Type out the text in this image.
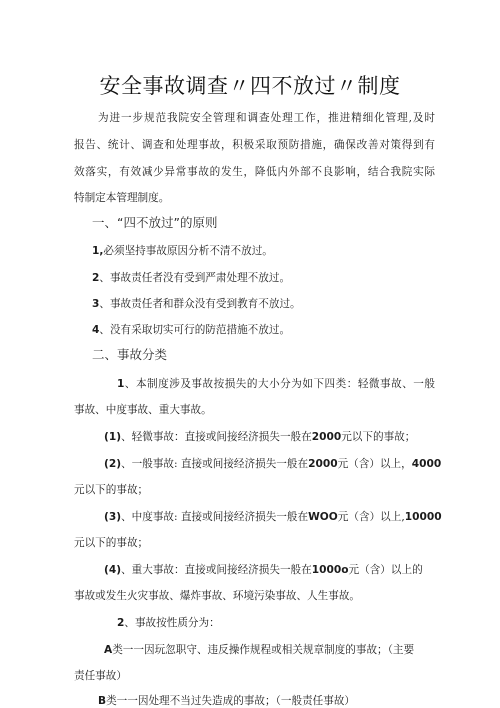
安全事故调查〃四不放过〃制度
为进一步规范我院安全管理和调查处理工作，推进精细化管理,及时
报告、统计、调查和处理事故，积极采取预防措施，确保改善对策得到有
效落实，有效减少异常事故的发生，降低内外部不良影响，结合我院实际
特制定本管理制度。
一、“四不放过”的原则
1,必须坚持事故原因分析不清不放过。
2、事故责任者没有受到严肃处理不放过。
3、事故责任者和群众没有受到教育不放过。
4、没有采取切实可行的防范措施不放过。
二、事故分类
1、本制度涉及事故按损失的大小分为如下四类：轻微事故、一般
事故、中度事故、重大事故。
(1)、轻微事故：直接或间接经济损失一般在2000元以下的事故；
(2)、一般事故: 直接或间接经济损失一般在2000元（含）以上，4000
元以下的事故；
(3)、中度事故: 直接或间接经济损失一般在WOO元（含）以上,10000
元以下的事故；
(4)、重大事故：直接或间接经济损失一般在1000o元（含）以上的
事故或发生火灾事故、爆炸事故、环境污染事故、人生事故。
2、事故按性质分为：
A类一一因玩忽职守、违反操作规程或相关规章制度的事故；（主要
责任事故）
B类一一因处理不当过失造成的事故；（一般责任事故）
